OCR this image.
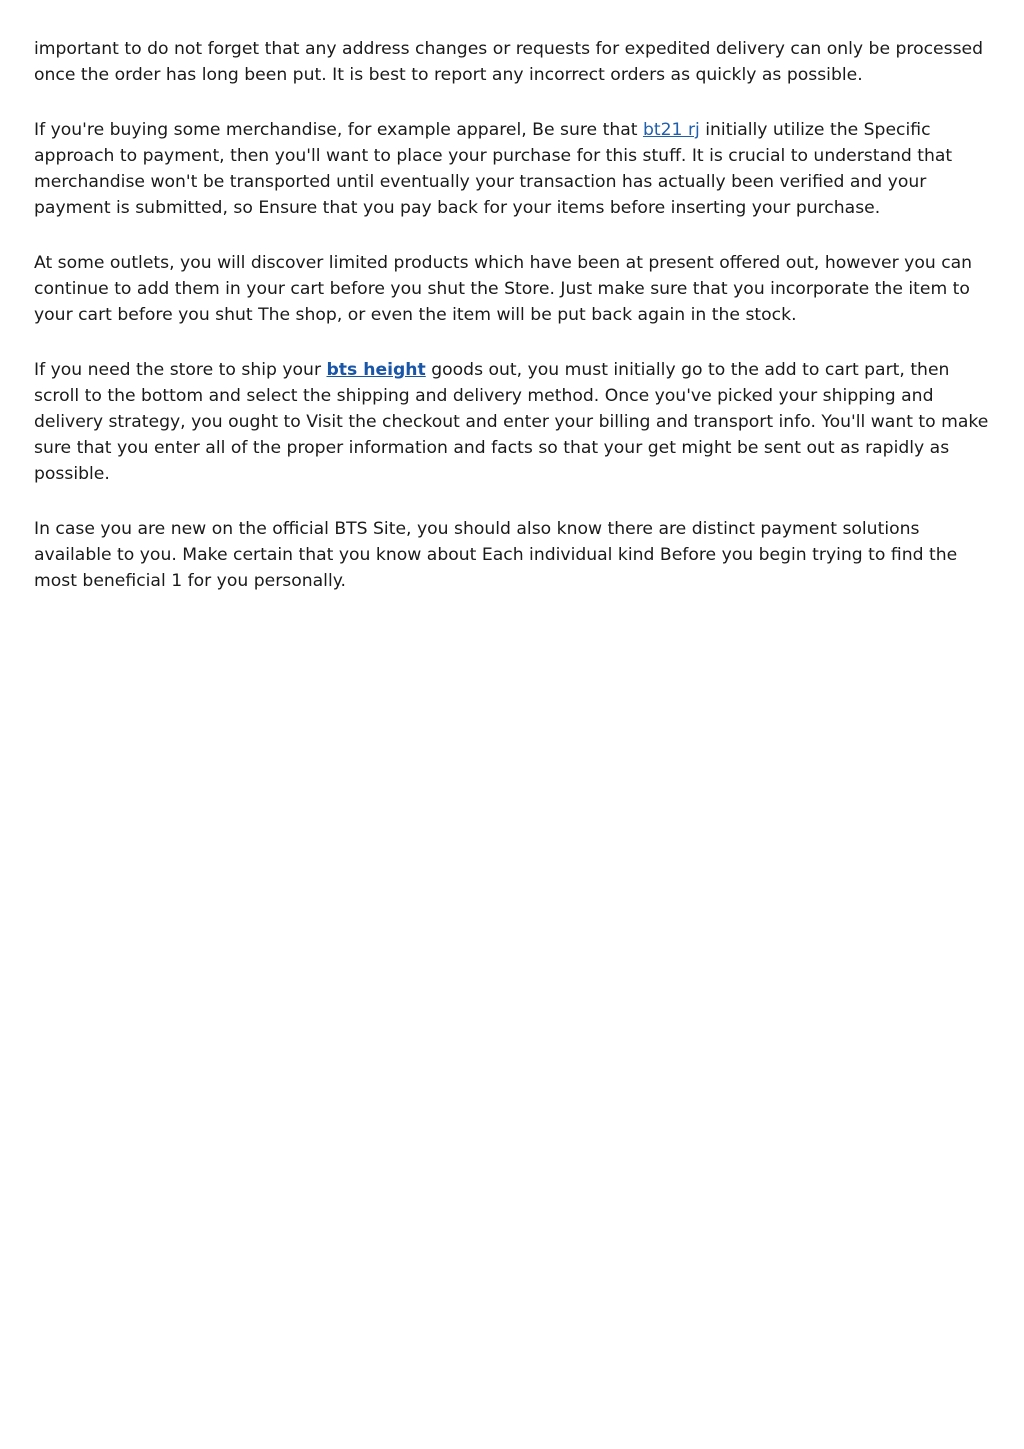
important to do not forget that any address changes or requests for expedited delivery can only be processed once the order has long been put. It is best to report any incorrect orders as quickly as possible.

If you're buying some merchandise, for example apparel, Be sure that bt21 rj initially utilize the Specific approach to payment, then you'll want to place your purchase for this stuff. It is crucial to understand that merchandise won't be transported until eventually your transaction has actually been verified and your payment is submitted, so Ensure that you pay back for your items before inserting your purchase.

At some outlets, you will discover limited products which have been at present offered out, however you can continue to add them in your cart before you shut the Store. Just make sure that you incorporate the item to your cart before you shut The shop, or even the item will be put back again in the stock.

If you need the store to ship your bts height goods out, you must initially go to the add to cart part, then scroll to the bottom and select the shipping and delivery method. Once you've picked your shipping and delivery strategy, you ought to Visit the checkout and enter your billing and transport info. You'll want to make sure that you enter all of the proper information and facts so that your get might be sent out as rapidly as possible.

In case you are new on the official BTS Site, you should also know there are distinct payment solutions available to you. Make certain that you know about Each individual kind Before you begin trying to find the most beneficial 1 for you personally.
